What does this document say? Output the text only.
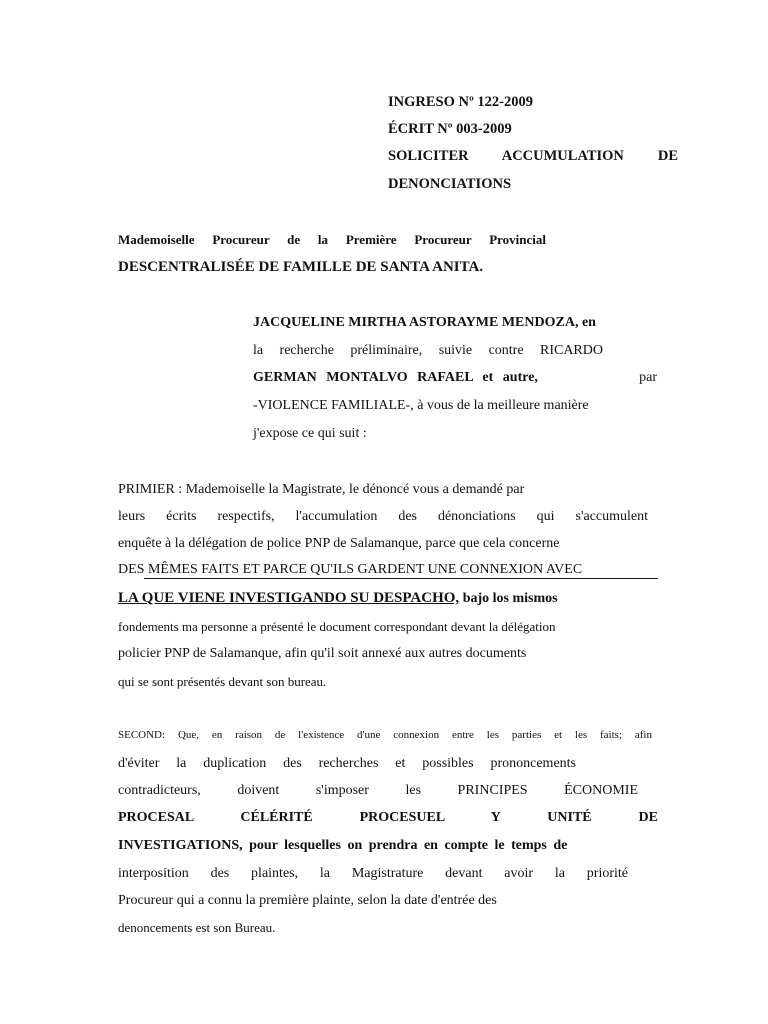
INGRESO Nº 122-2009

ÉCRIT Nº 003-2009

SOLICITER ACCUMULATION DE

DENONCIATIONS

Mademoiselle Procureur de la Première Procureur Provincial

DESCENTRALISÉE DE FAMILLE DE SANTA ANITA.

JACQUELINE MIRTHA ASTORAYME MENDOZA, en

la recherche préliminaire, suivie contre RICARDO

GERMAN MONTALVO RAFAEL et autre,	par

-VIOLENCE FAMILIALE-, à vous de la meilleure manière

j'expose ce qui suit :

PRIMIER : Mademoiselle la Magistrate, le dénoncé vous a demandé par

leurs écrits respectifs, l'accumulation des dénonciations qui s'accumulent

enquête à la délégation de police PNP de Salamanque, parce que cela concerne

DES MÊMES FAITS ET PARCE QU'ILS GARDENT UNE CONNEXION AVEC

LA QUE VIENE INVESTIGANDO SU DESPACHO, bajo los mismos

fondements ma personne a présenté le document correspondant devant la délégation

policier PNP de Salamanque, afin qu'il soit annexé aux autres documents

qui se sont présentés devant son bureau.

SECOND: Que, en raison de l'existence d'une connexion entre les parties et les faits; afin

d'éviter la duplication des recherches et possibles prononcements

contradicteurs, doivent s'imposer les PRINCIPES ÉCONOMIE

PROCESAL CÉLÉRITÉ PROCESUEL Y UNITÉ DE

INVESTIGATIONS, pour lesquelles on prendra en compte le temps de

interposition des plaintes, la Magistrature devant avoir la priorité

Procureur qui a connu la première plainte, selon la date d'entrée des

denoncements est son Bureau.
